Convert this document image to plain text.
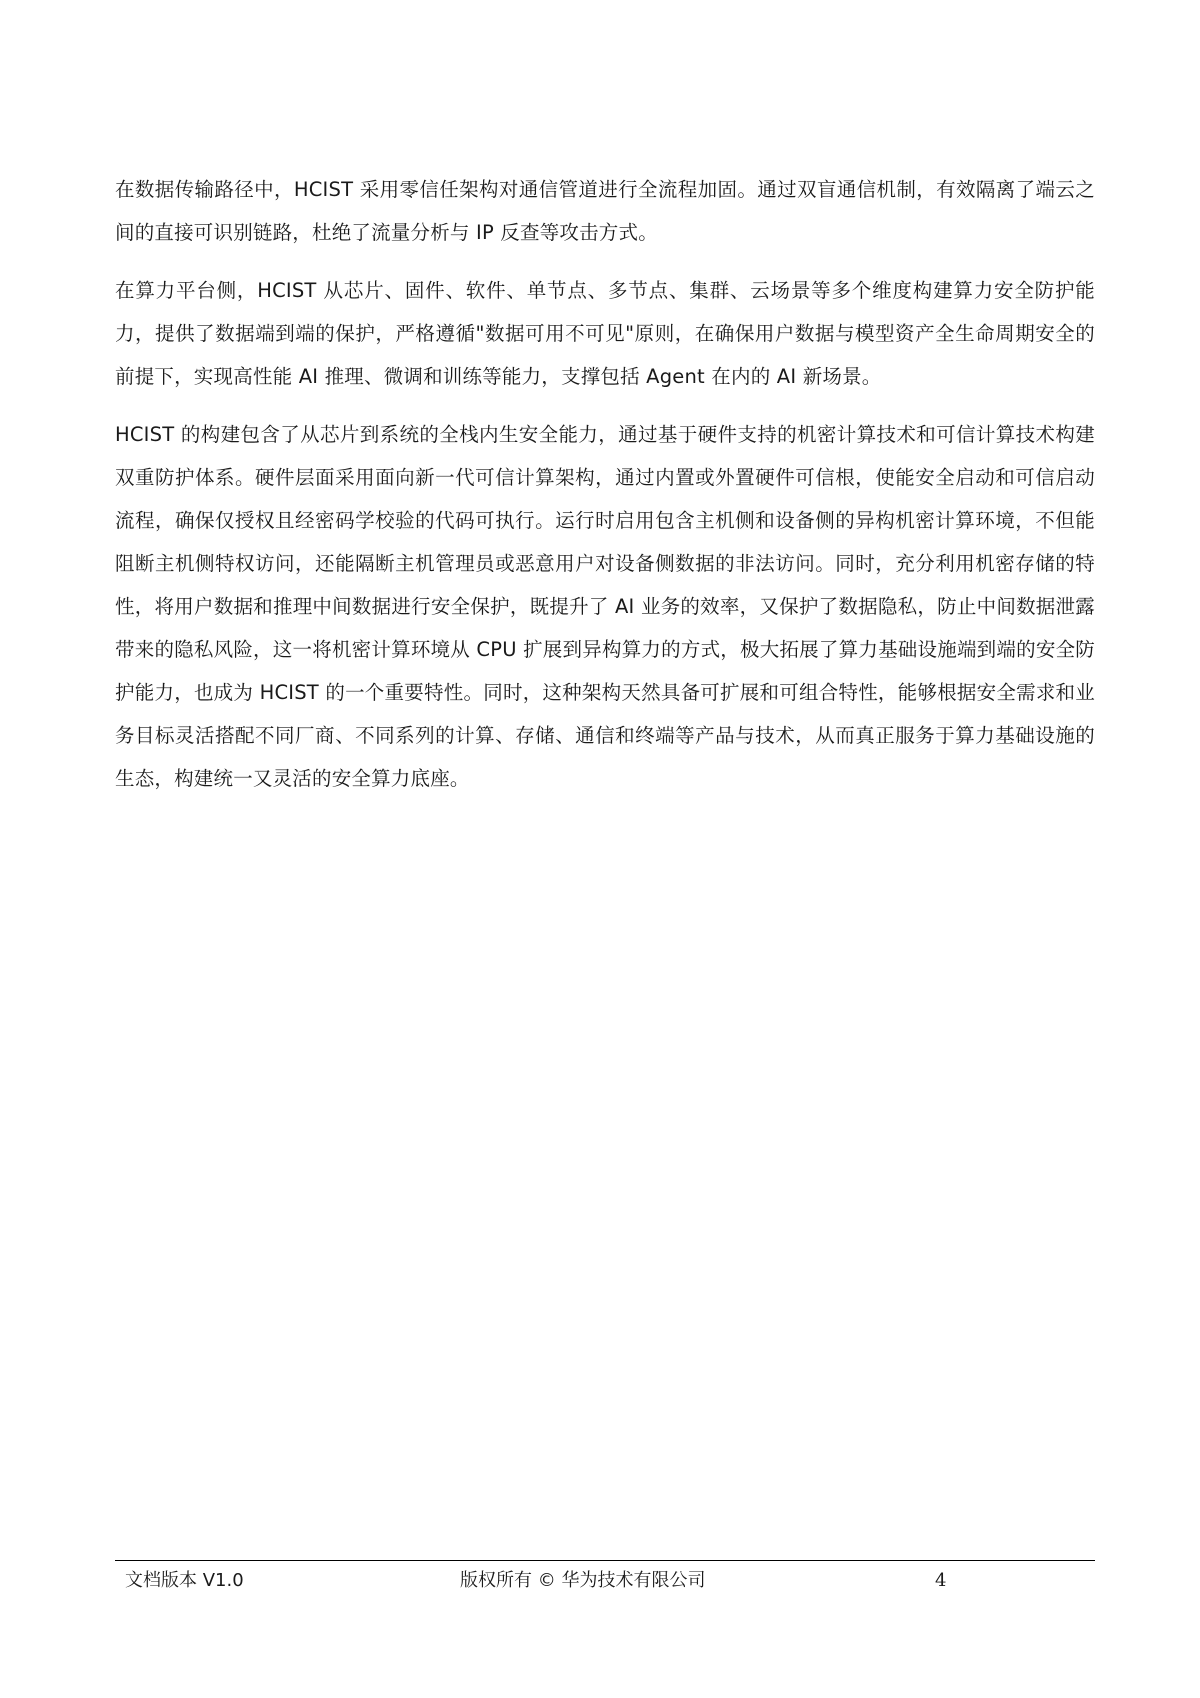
在数据传输路径中，HCIST 采用零信任架构对通信管道进行全流程加固。通过双盲通信机制，有效隔离了端云之间的直接可识别链路，杜绝了流量分析与 IP 反查等攻击方式。

在算力平台侧，HCIST 从芯片、固件、软件、单节点、多节点、集群、云场景等多个维度构建算力安全防护能力，提供了数据端到端的保护，严格遵循"数据可用不可见"原则，在确保用户数据与模型资产全生命周期安全的前提下，实现高性能 AI 推理、微调和训练等能力，支撑包括 Agent 在内的 AI 新场景。

HCIST 的构建包含了从芯片到系统的全栈内生安全能力，通过基于硬件支持的机密计算技术和可信计算技术构建双重防护体系。硬件层面采用面向新一代可信计算架构，通过内置或外置硬件可信根，使能安全启动和可信启动流程，确保仅授权且经密码学校验的代码可执行。运行时启用包含主机侧和设备侧的异构机密计算环境，不但能阻断主机侧特权访问，还能隔断主机管理员或恶意用户对设备侧数据的非法访问。同时，充分利用机密存储的特性，将用户数据和推理中间数据进行安全保护，既提升了 AI 业务的效率，又保护了数据隐私，防止中间数据泄露带来的隐私风险，这一将机密计算环境从 CPU 扩展到异构算力的方式，极大拓展了算力基础设施端到端的安全防护能力，也成为 HCIST 的一个重要特性。同时，这种架构天然具备可扩展和可组合特性，能够根据安全需求和业务目标灵活搭配不同厂商、不同系列的计算、存储、通信和终端等产品与技术，从而真正服务于算力基础设施的生态，构建统一又灵活的安全算力底座。

文档版本 V1.0	版权所有 © 华为技术有限公司	4
